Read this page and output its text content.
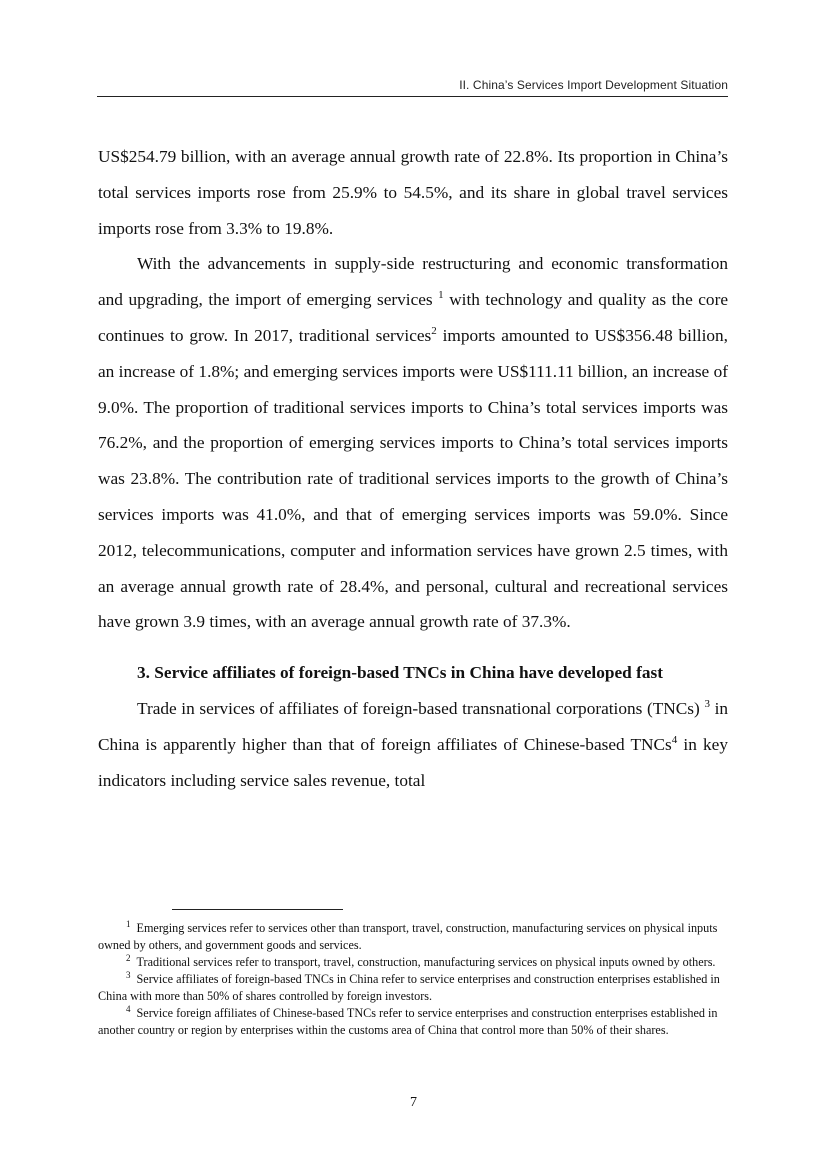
II. China’s Services Import Development Situation

US$254.79 billion, with an average annual growth rate of 22.8%. Its proportion in China’s total services imports rose from 25.9% to 54.5%, and its share in global travel services imports rose from 3.3% to 19.8%.

With the advancements in supply-side restructuring and economic transformation and upgrading, the import of emerging services $^1$ with technology and quality as the core continues to grow. In 2017, traditional services$^2$ imports amounted to US$356.48 billion, an increase of 1.8%; and emerging services imports were US$111.11 billion, an increase of 9.0%. The proportion of traditional services imports to China’s total services imports was 76.2%, and the proportion of emerging services imports to China’s total services imports was 23.8%. The contribution rate of traditional services imports to the growth of China’s services imports was 41.0%, and that of emerging services imports was 59.0%. Since 2012, telecommunications, computer and information services have grown 2.5 times, with an average annual growth rate of 28.4%, and personal, cultural and recreational services have grown 3.9 times, with an average annual growth rate of 37.3%.

3. Service affiliates of foreign-based TNCs in China have developed fast

Trade in services of affiliates of foreign-based transnational corporations (TNCs) $^3$ in China is apparently higher than that of foreign affiliates of Chinese-based TNCs$^4$ in key indicators including service sales revenue, total

$^1$ Emerging services refer to services other than transport, travel, construction, manufacturing services on physical inputs owned by others, and government goods and services.

$^2$ Traditional services refer to transport, travel, construction, manufacturing services on physical inputs owned by others.

$^3$ Service affiliates of foreign-based TNCs in China refer to service enterprises and construction enterprises established in China with more than 50% of shares controlled by foreign investors.

$^4$ Service foreign affiliates of Chinese-based TNCs refer to service enterprises and construction enterprises established in another country or region by enterprises within the customs area of China that control more than 50% of their shares.

7
